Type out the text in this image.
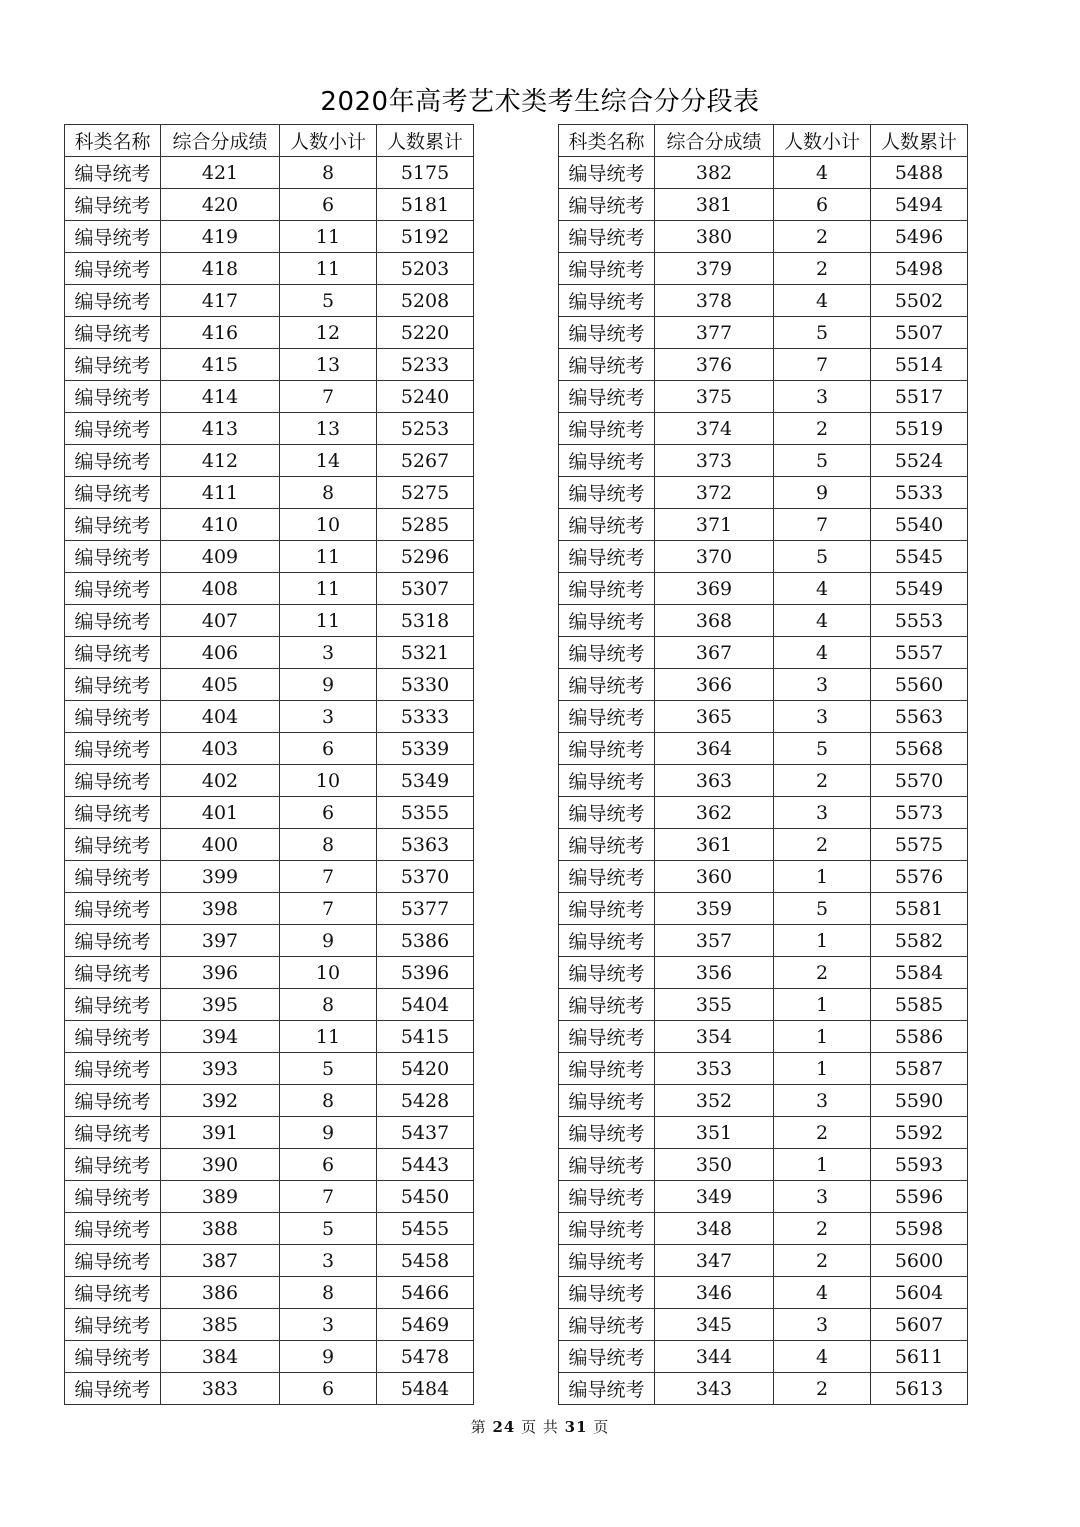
2020年高考艺术类考生综合分分段表
科类名称	综合分成绩	人数小计	人数累计
编导统考	421	8	5175
编导统考	420	6	5181
编导统考	419	11	5192
编导统考	418	11	5203
编导统考	417	5	5208
编导统考	416	12	5220
编导统考	415	13	5233
编导统考	414	7	5240
编导统考	413	13	5253
编导统考	412	14	5267
编导统考	411	8	5275
编导统考	410	10	5285
编导统考	409	11	5296
编导统考	408	11	5307
编导统考	407	11	5318
编导统考	406	3	5321
编导统考	405	9	5330
编导统考	404	3	5333
编导统考	403	6	5339
编导统考	402	10	5349
编导统考	401	6	5355
编导统考	400	8	5363
编导统考	399	7	5370
编导统考	398	7	5377
编导统考	397	9	5386
编导统考	396	10	5396
编导统考	395	8	5404
编导统考	394	11	5415
编导统考	393	5	5420
编导统考	392	8	5428
编导统考	391	9	5437
编导统考	390	6	5443
编导统考	389	7	5450
编导统考	388	5	5455
编导统考	387	3	5458
编导统考	386	8	5466
编导统考	385	3	5469
编导统考	384	9	5478
编导统考	383	6	5484
科类名称	综合分成绩	人数小计	人数累计
编导统考	382	4	5488
编导统考	381	6	5494
编导统考	380	2	5496
编导统考	379	2	5498
编导统考	378	4	5502
编导统考	377	5	5507
编导统考	376	7	5514
编导统考	375	3	5517
编导统考	374	2	5519
编导统考	373	5	5524
编导统考	372	9	5533
编导统考	371	7	5540
编导统考	370	5	5545
编导统考	369	4	5549
编导统考	368	4	5553
编导统考	367	4	5557
编导统考	366	3	5560
编导统考	365	3	5563
编导统考	364	5	5568
编导统考	363	2	5570
编导统考	362	3	5573
编导统考	361	2	5575
编导统考	360	1	5576
编导统考	359	5	5581
编导统考	357	1	5582
编导统考	356	2	5584
编导统考	355	1	5585
编导统考	354	1	5586
编导统考	353	1	5587
编导统考	352	3	5590
编导统考	351	2	5592
编导统考	350	1	5593
编导统考	349	3	5596
编导统考	348	2	5598
编导统考	347	2	5600
编导统考	346	4	5604
编导统考	345	3	5607
编导统考	344	4	5611
编导统考	343	2	5613
第 24 页 共 31 页
